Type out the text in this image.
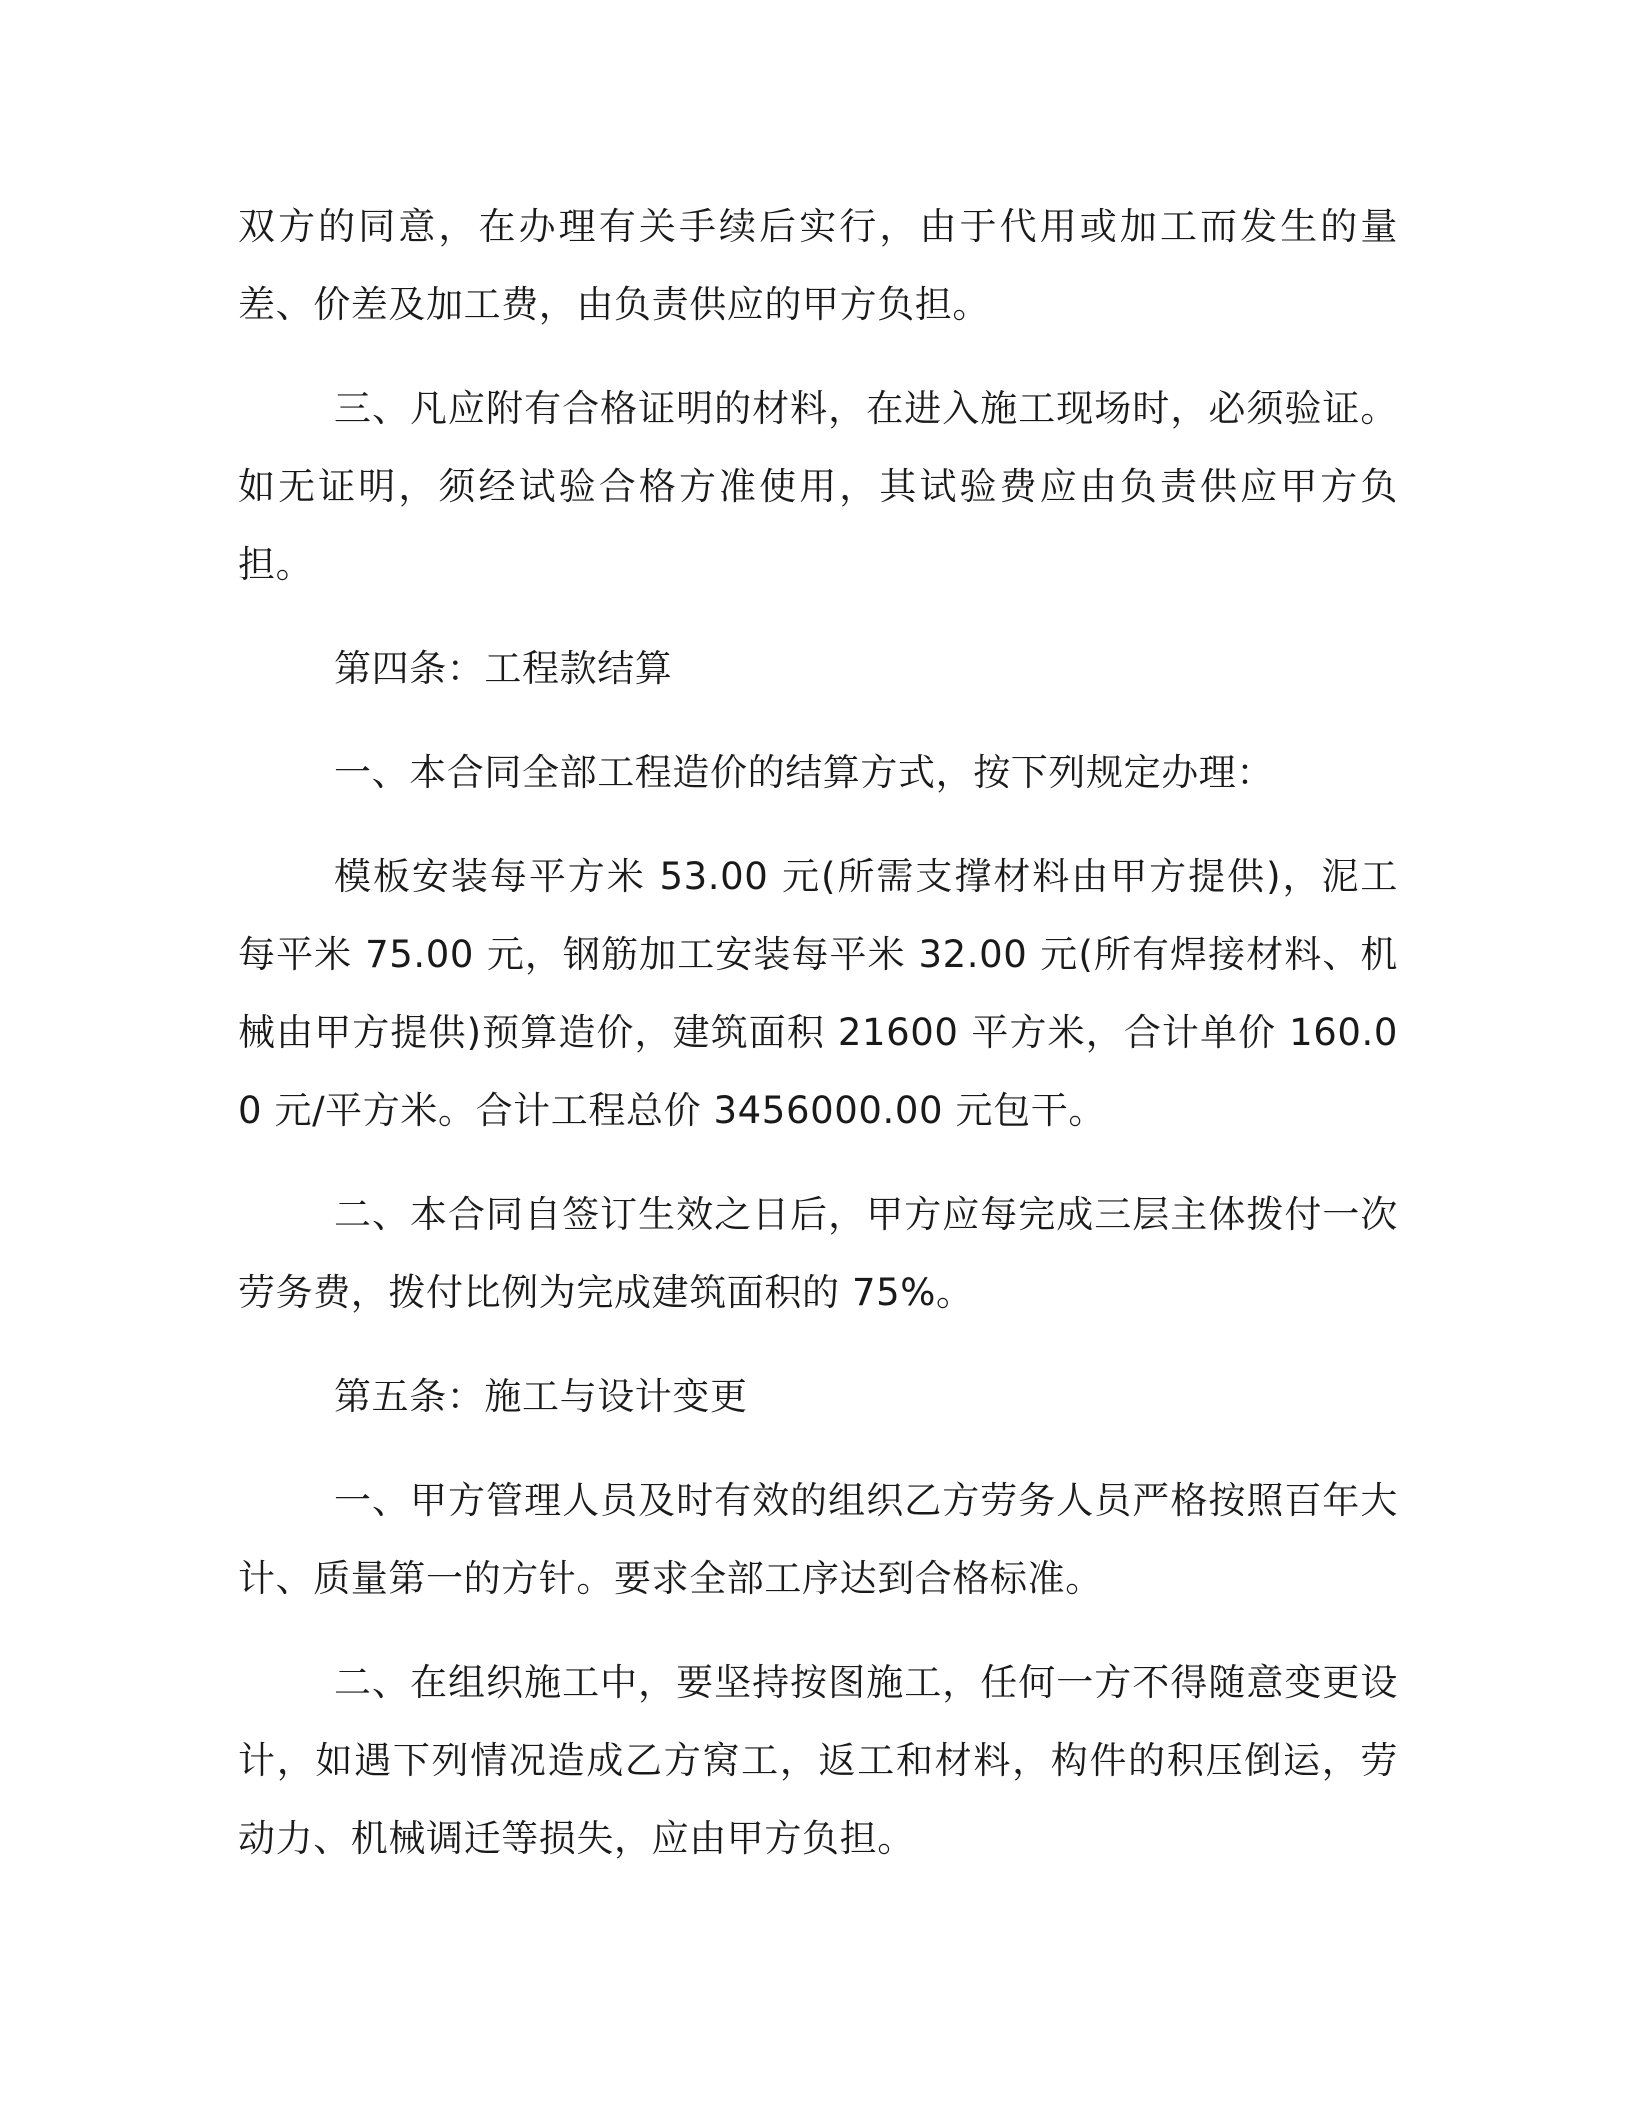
双方的同意，在办理有关手续后实行，由于代用或加工而发生的量差、价差及加工费，由负责供应的甲方负担。

三、凡应附有合格证明的材料，在进入施工现场时，必须验证。如无证明，须经试验合格方准使用，其试验费应由负责供应甲方负担。

第四条：工程款结算

一、本合同全部工程造价的结算方式，按下列规定办理：

模板安装每平方米 53.00 元(所需支撑材料由甲方提供)，泥工每平米 75.00 元，钢筋加工安装每平米 32.00 元(所有焊接材料、机械由甲方提供)预算造价，建筑面积 21600 平方米，合计单价 160.00 元/平方米。合计工程总价 3456000.00 元包干。

二、本合同自签订生效之日后，甲方应每完成三层主体拨付一次劳务费，拨付比例为完成建筑面积的 75%。

第五条：施工与设计变更

一、甲方管理人员及时有效的组织乙方劳务人员严格按照百年大计、质量第一的方针。要求全部工序达到合格标准。

二、在组织施工中，要坚持按图施工，任何一方不得随意变更设计，如遇下列情况造成乙方窝工，返工和材料，构件的积压倒运，劳动力、机械调迁等损失，应由甲方负担。
